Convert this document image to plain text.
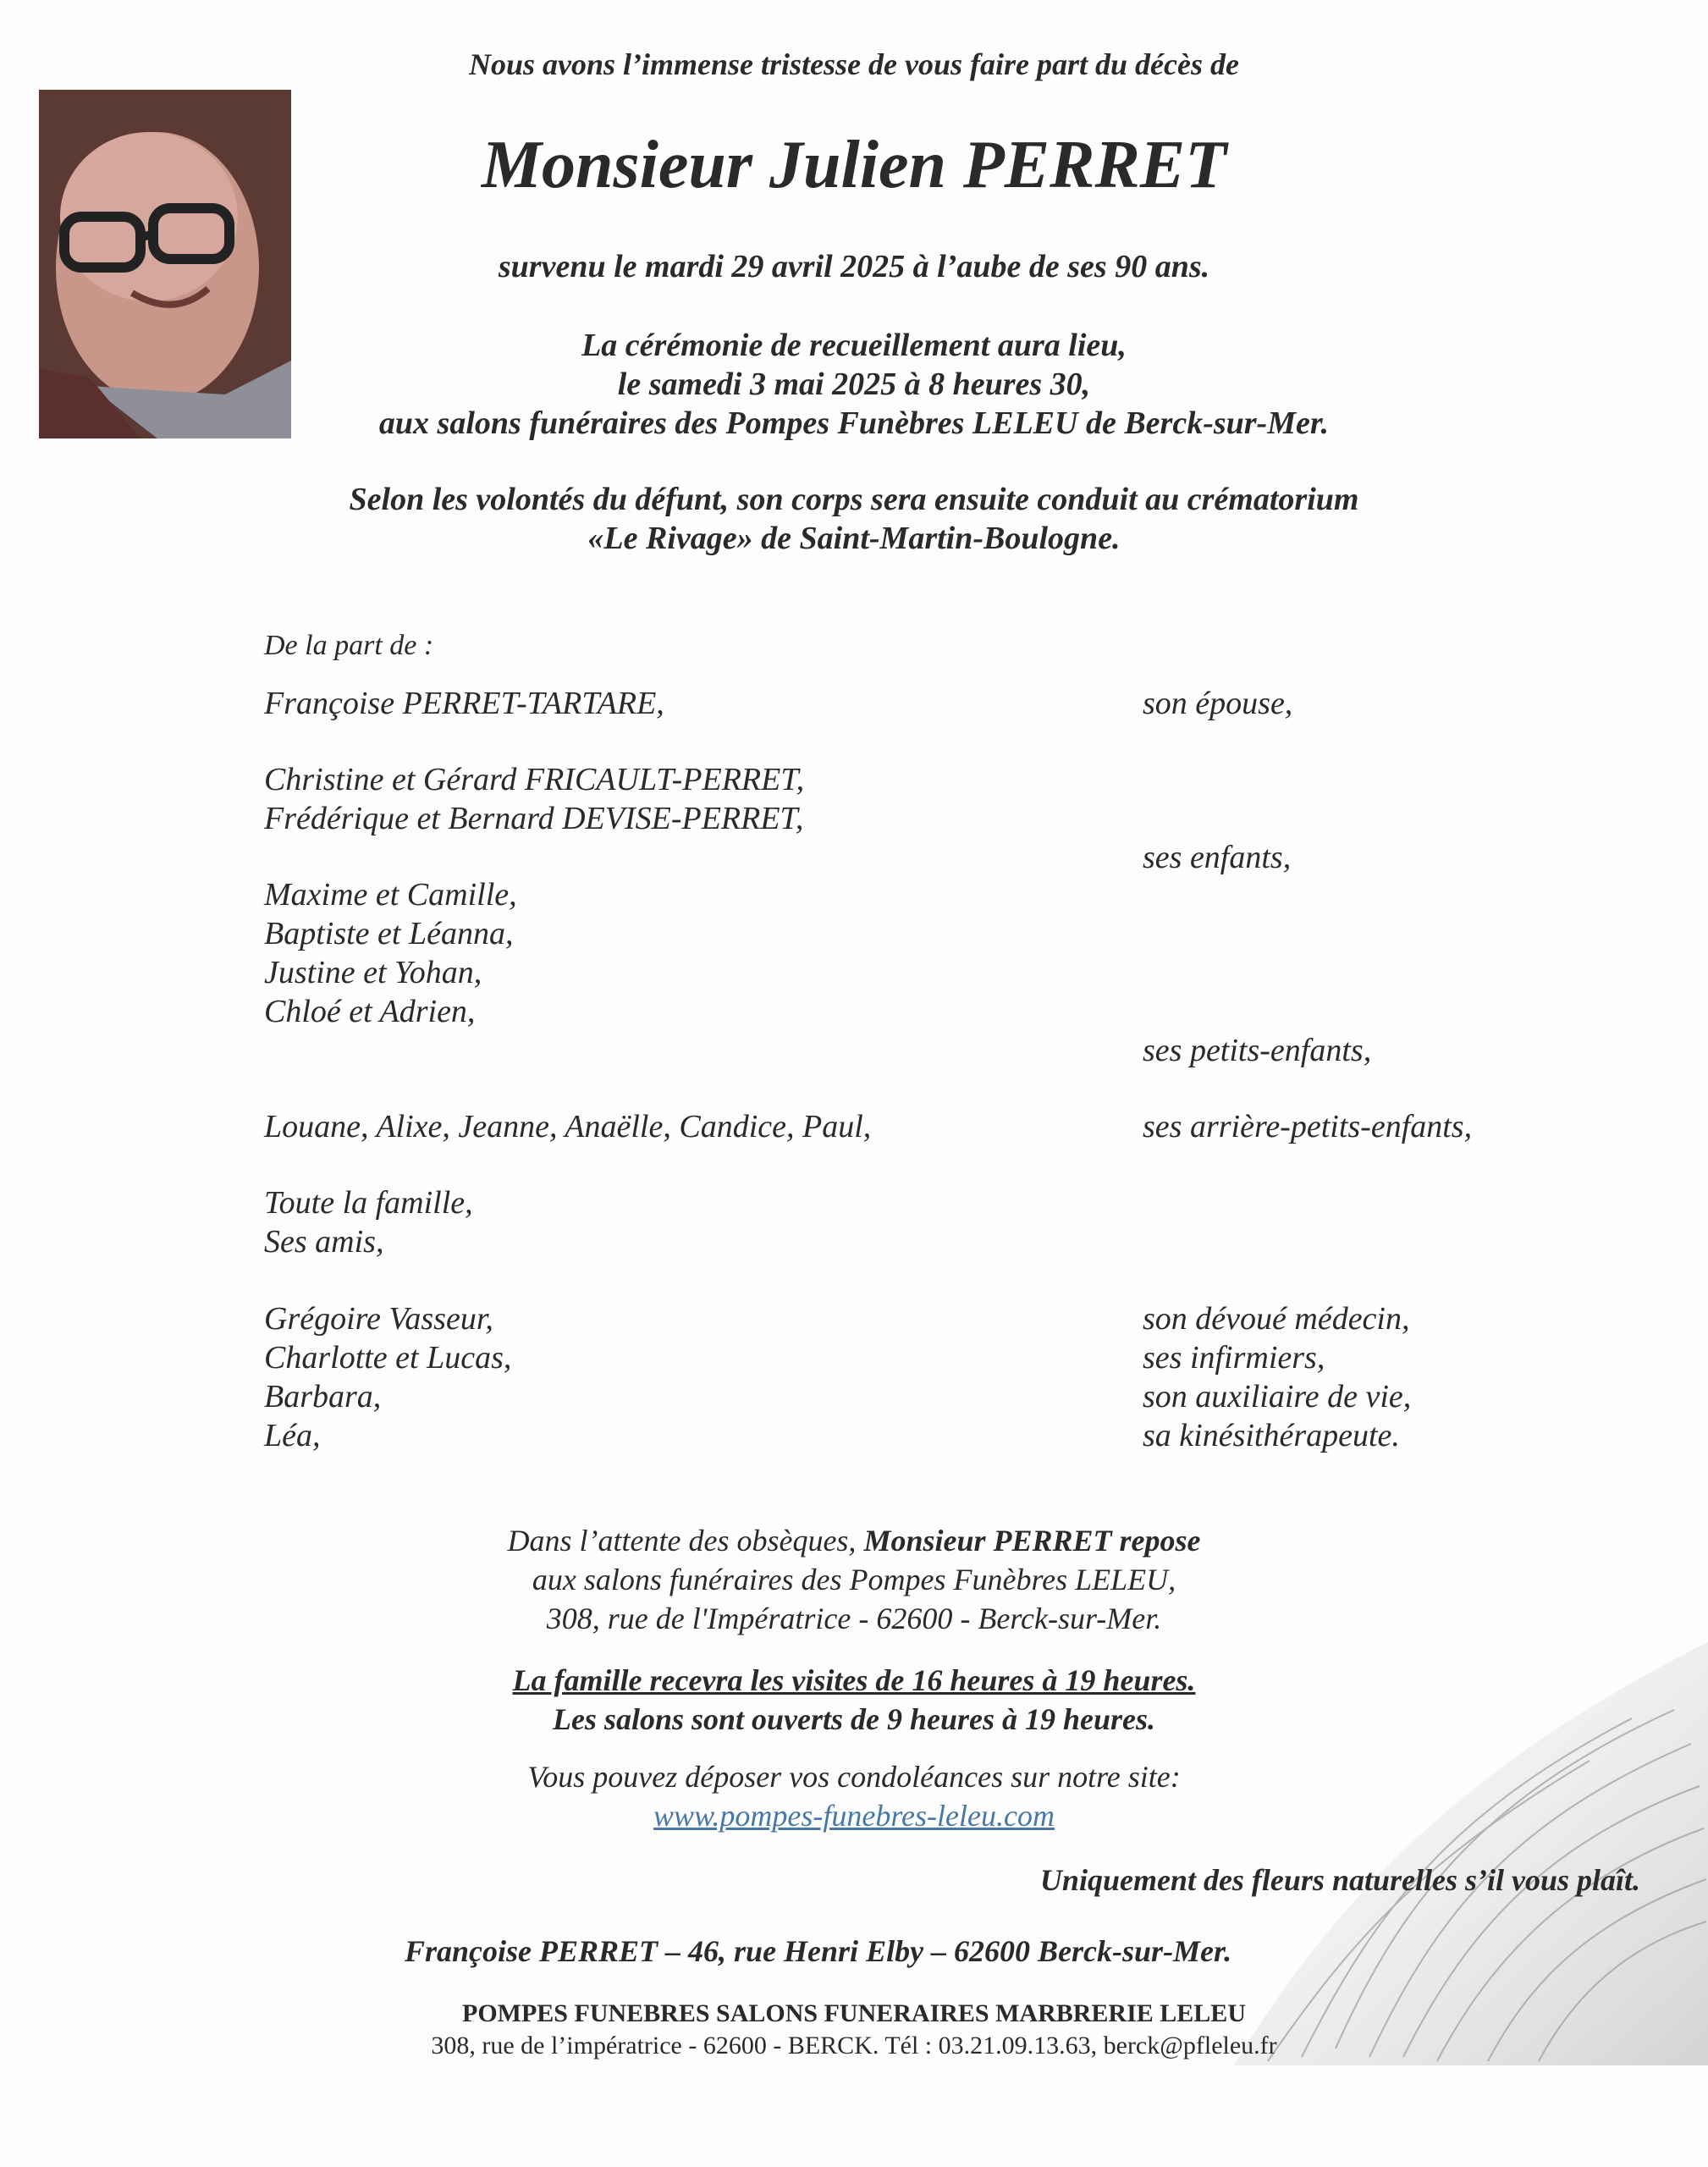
Nous avons l’immense tristesse de vous faire part du décès de
Monsieur Julien PERRET
survenu le mardi 29 avril 2025 à l’aube de ses 90 ans.
La cérémonie de recueillement aura lieu,
le samedi 3 mai 2025 à 8 heures 30,
aux salons funéraires des Pompes Funèbres LELEU de Berck-sur-Mer.
Selon les volontés du défunt, son corps sera ensuite conduit au crématorium
«Le Rivage» de Saint-Martin-Boulogne.
De la part de :
Françoise PERRET-TARTARE,	son épouse,
Christine et Gérard FRICAULT-PERRET,
Frédérique et Bernard DEVISE-PERRET,
ses enfants,
Maxime et Camille,
Baptiste et Léanna,
Justine et Yohan,
Chloé et Adrien,
ses petits-enfants,
Louane, Alixe, Jeanne, Anaëlle, Candice, Paul,	ses arrière-petits-enfants,
Toute la famille,
Ses amis,
Grégoire Vasseur,
Charlotte et Lucas,
Barbara,
Léa,
son dévoué médecin,
ses infirmiers,
son auxiliaire de vie,
sa kinésithérapeute.
Dans l’attente des obsèques, Monsieur PERRET repose
aux salons funéraires des Pompes Funèbres LELEU,
308, rue de l'Impératrice - 62600 - Berck-sur-Mer.
La famille recevra les visites de 16 heures à 19 heures.
Les salons sont ouverts de 9 heures à 19 heures.
Vous pouvez déposer vos condoléances sur notre site:
www.pompes-funebres-leleu.com
Uniquement des fleurs naturelles s’il vous plaît.
Françoise PERRET – 46, rue Henri Elby – 62600 Berck-sur-Mer.
POMPES FUNEBRES SALONS FUNERAIRES MARBRERIE LELEU
308, rue de l’impératrice - 62600 - BERCK. Tél : 03.21.09.13.63, berck@pfleleu.fr
